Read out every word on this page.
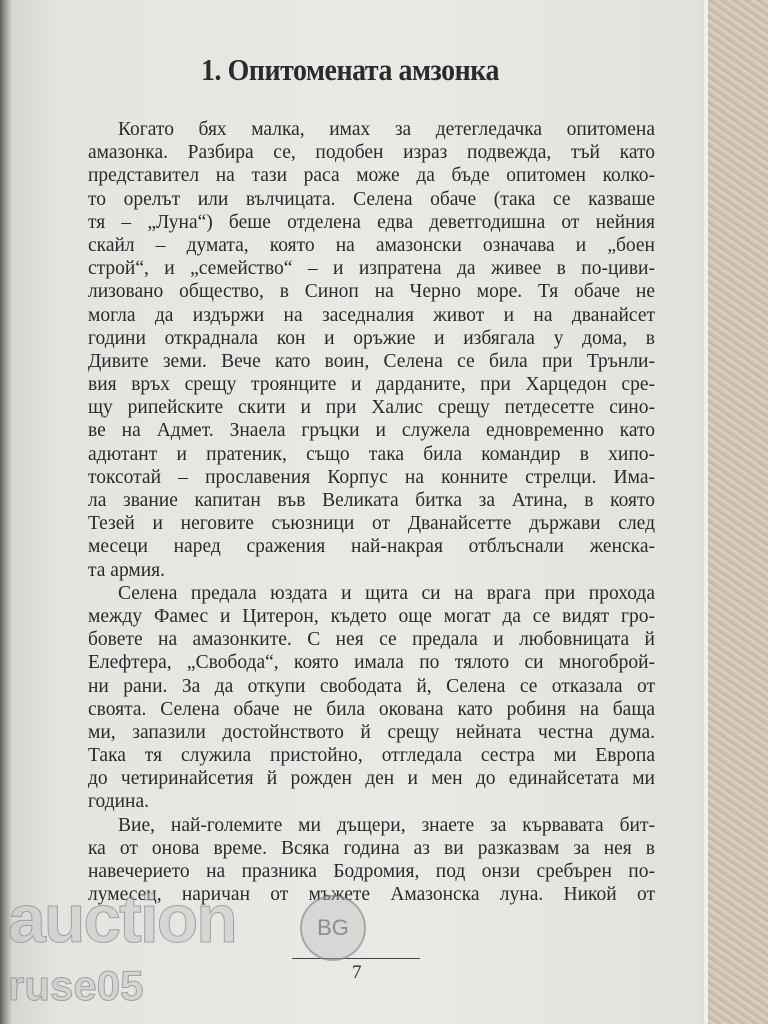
1. Опитомената амзонка
Когато бях малка, имах за детегледачка опитомена
амазонка. Разбира се, подобен израз подвежда, тъй като
представител на тази раса може да бъде опитомен колко-
то орелът или вълчицата. Селена обаче (така се казваше
тя – „Луна“) беше отделена едва деветгодишна от нейния
скайл – думата, която на амазонски означава и „боен
строй“, и „семейство“ – и изпратена да живее в по-циви-
лизовано общество, в Синоп на Черно море. Тя обаче не
могла да издържи на заседналия живот и на дванайсет
години откраднала кон и оръжие и избягала у дома, в
Дивите земи. Вече като воин, Селена се била при Трънли-
вия връх срещу троянците и дарданите, при Харцедон сре-
щу рипейските скити и при Халис срещу петдесетте сино-
ве на Адмет. Знаела гръцки и служела едновременно като
адютант и пратеник, също така била командир в хипо-
токсотай – прославения Корпус на конните стрелци. Има-
ла звание капитан във Великата битка за Атина, в която
Тезей и неговите съюзници от Дванайсетте държави след
месеци наред сражения най-накрая отблъснали женска-
та армия.
Селена предала юздата и щита си на врага при прохода
между Фамес и Цитерон, където още могат да се видят гро-
бовете на амазонките. С нея се предала и любовницата й
Елефтера, „Свобода“, която имала по тялото си многоброй-
ни рани. За да откупи свободата й, Селена се отказала от
своята. Селена обаче не била окована като робиня на баща
ми, запазили достойнството й срещу нейната честна дума.
Така тя служила пристойно, отгледала сестра ми Европа
до четиринайсетия й рожден ден и мен до единайсетата ми
година.
Вие, най-големите ми дъщери, знаете за кървавата бит-
ка от онова време. Всяка година аз ви разказвам за нея в
навечерието на празника Бодромия, под онзи сребърен по-
лумесец, наричан от мъжете Амазонска луна. Никой от
7
auction	BG
ruse05
